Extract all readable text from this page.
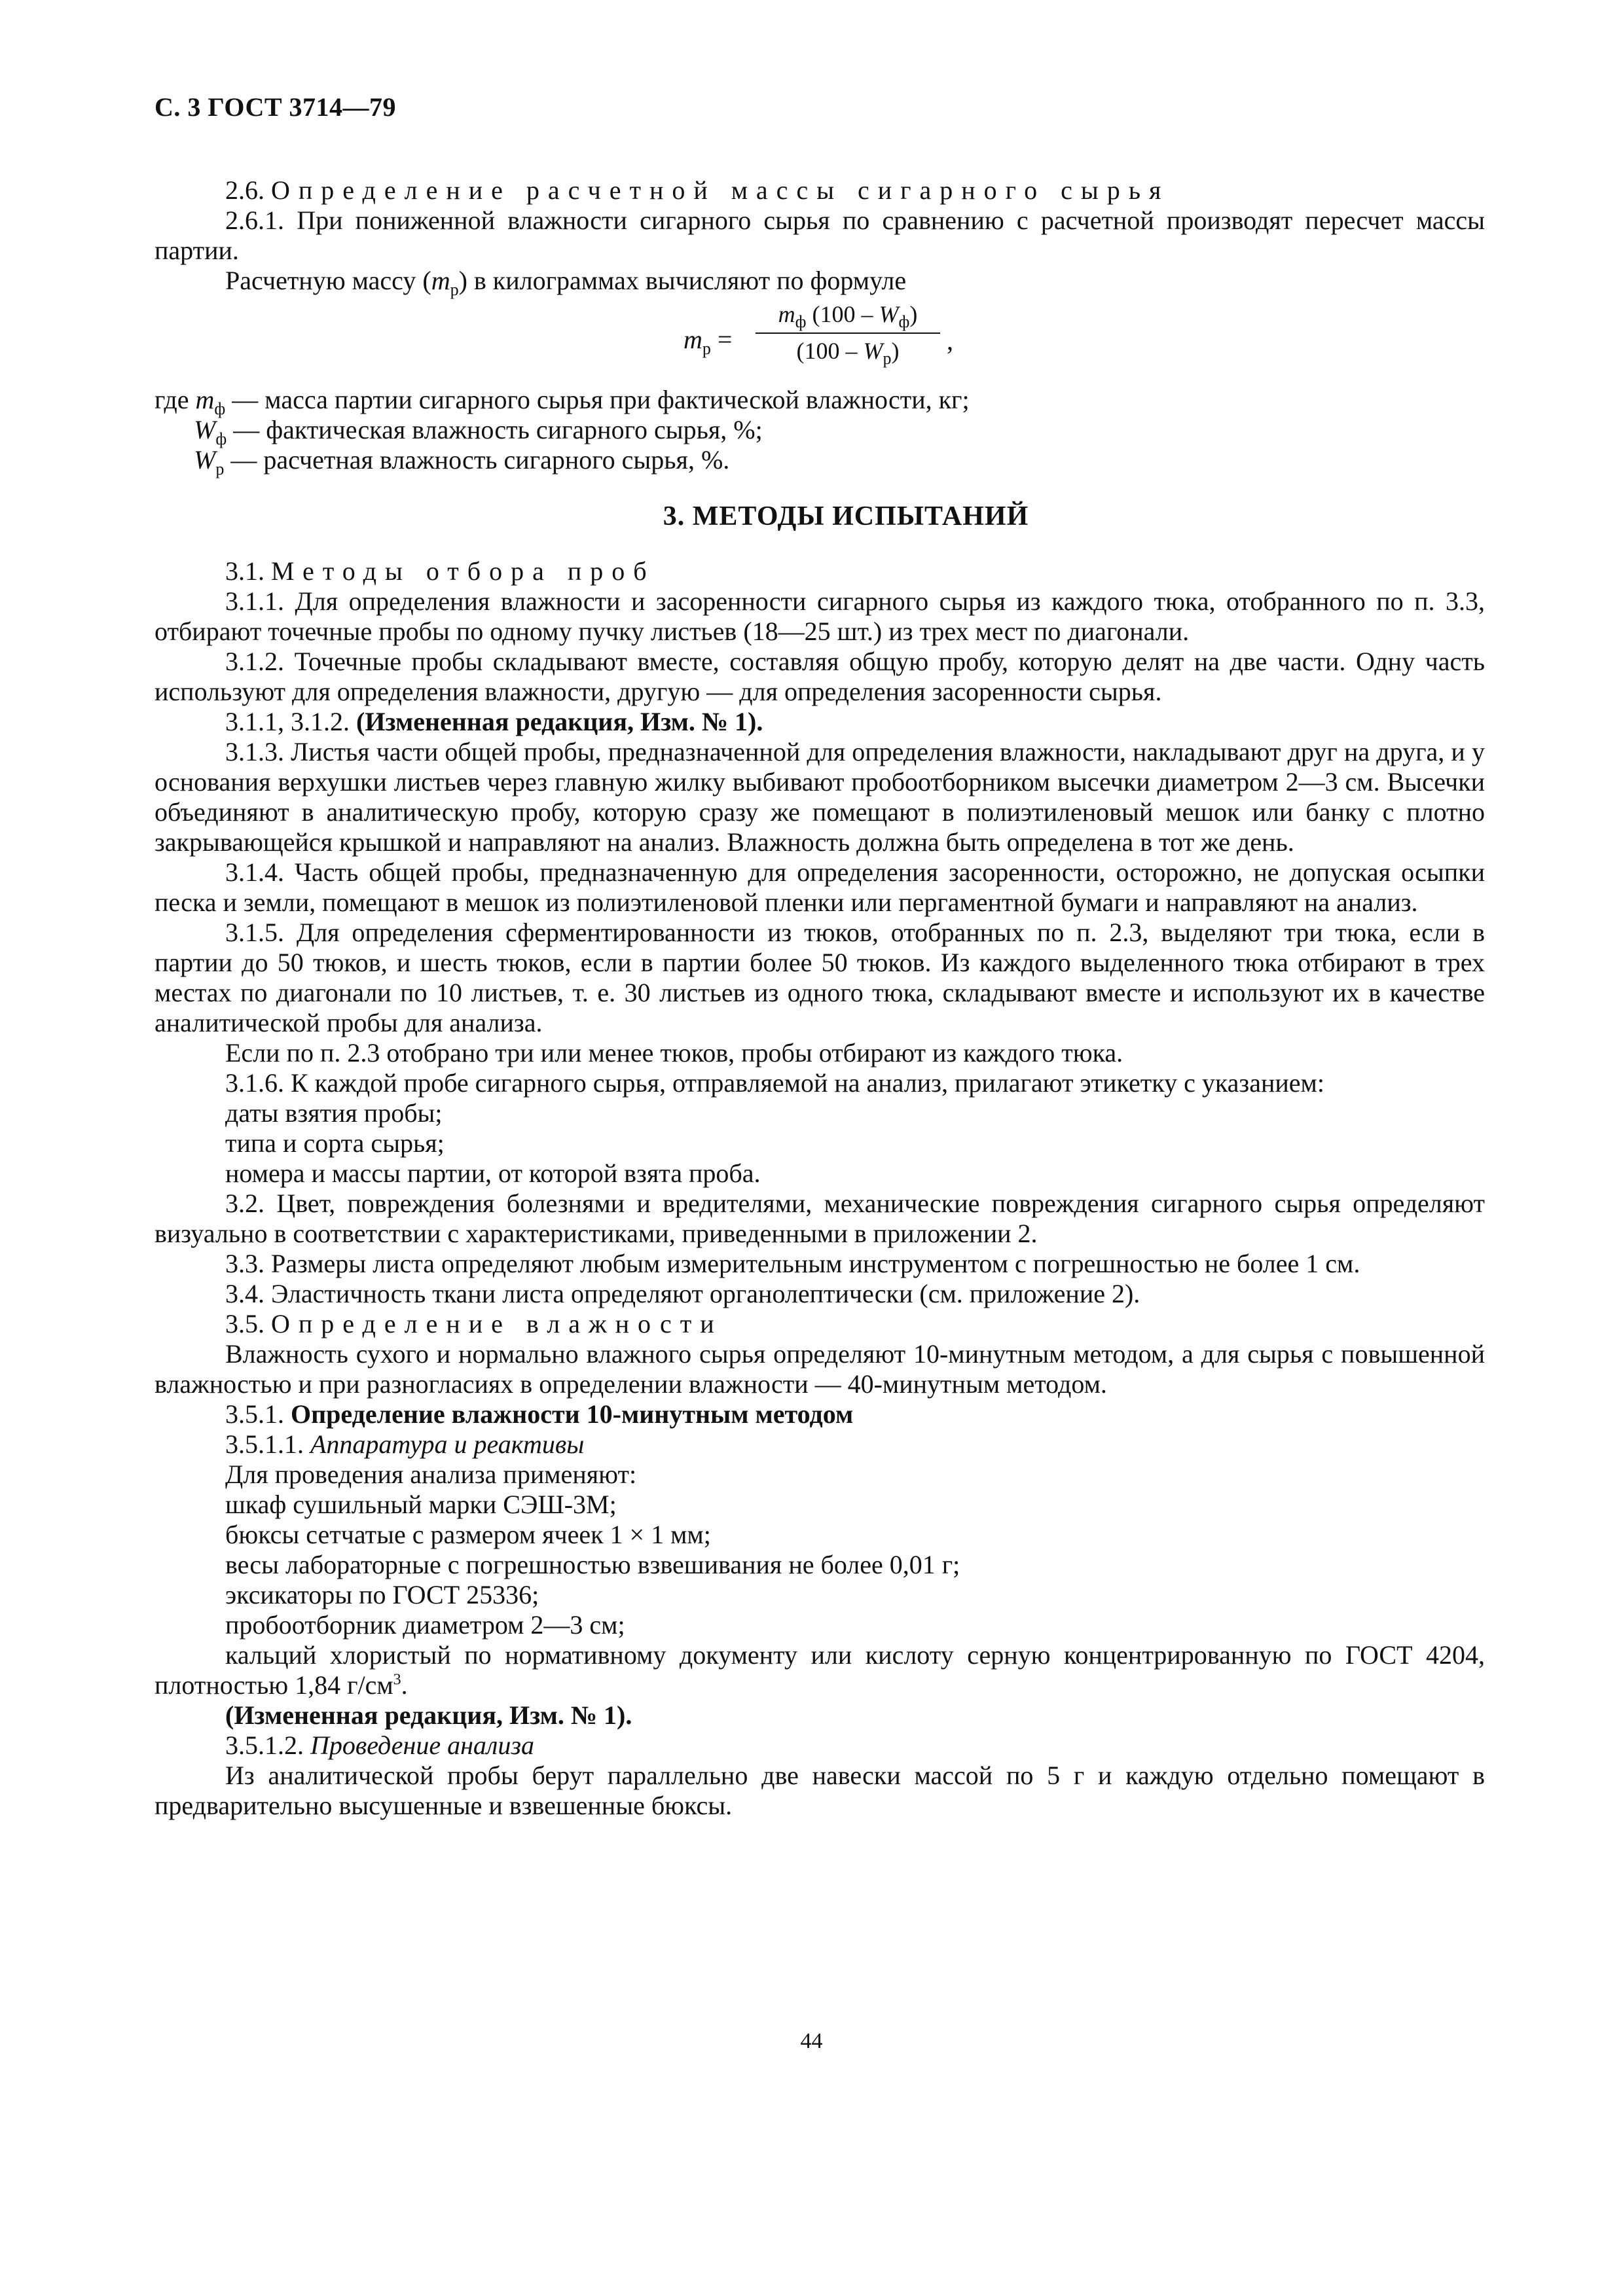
С. 3 ГОСТ 3714—79

2.6. Определение расчетной массы сигарного сырья

2.6.1. При пониженной влажности сигарного сырья по сравнению с расчетной производят пересчет массы партии.

Расчетную массу $(m_р)$ в килограммах вычисляют по формуле

$m_р$ =
$m_ф$ $(100 - W_ф)$
$(100 - W_р)$	,

где $m_ф$ — масса партии сигарного сырья при фактической влажности, кг;

$W_ф$ — фактическая влажность сигарного сырья, %;

$W_р$ — расчетная влажность сигарного сырья, %.

3. МЕТОДЫ ИСПЫТАНИЙ

3.1. Методы отбора проб

3.1.1. Для определения влажности и засоренности сигарного сырья из каждого тюка, отобранного по п. 3.3, отбирают точечные пробы по одному пучку листьев (18—25 шт.) из трех мест по диагонали.

3.1.2. Точечные пробы складывают вместе, составляя общую пробу, которую делят на две части. Одну часть используют для определения влажности, другую — для определения засоренности сырья.

3.1.1, 3.1.2. (Измененная редакция, Изм. № 1).

3.1.3. Листья части общей пробы, предназначенной для определения влажности, накладывают друг на друга, и у основания верхушки листьев через главную жилку выбивают пробоотборником высечки диаметром 2—3 см. Высечки объединяют в аналитическую пробу, которую сразу же помещают в полиэтиленовый мешок или банку с плотно закрывающейся крышкой и направляют на анализ. Влажность должна быть определена в тот же день.

3.1.4. Часть общей пробы, предназначенную для определения засоренности, осторожно, не допуская осыпки песка и земли, помещают в мешок из полиэтиленовой пленки или пергаментной бумаги и направляют на анализ.

3.1.5. Для определения сферментированности из тюков, отобранных по п. 2.3, выделяют три тюка, если в партии до 50 тюков, и шесть тюков, если в партии более 50 тюков. Из каждого выделенного тюка отбирают в трех местах по диагонали по 10 листьев, т. е. 30 листьев из одного тюка, складывают вместе и используют их в качестве аналитической пробы для анализа.

Если по п. 2.3 отобрано три или менее тюков, пробы отбирают из каждого тюка.

3.1.6. К каждой пробе сигарного сырья, отправляемой на анализ, прилагают этикетку с указанием:

даты взятия пробы;

типа и сорта сырья;

номера и массы партии, от которой взята проба.

3.2. Цвет, повреждения болезнями и вредителями, механические повреждения сигарного сырья определяют визуально в соответствии с характеристиками, приведенными в приложении 2.

3.3. Размеры листа определяют любым измерительным инструментом с погрешностью не более 1 см.

3.4. Эластичность ткани листа определяют органолептически (см. приложение 2).

3.5. Определение влажности

Влажность сухого и нормально влажного сырья определяют 10-минутным методом, а для сырья с повышенной влажностью и при разногласиях в определении влажности — 40-минутным методом.

3.5.1. Определение влажности 10-минутным методом

3.5.1.1. Аппаратура и реактивы

Для проведения анализа применяют:

шкаф сушильный марки СЭШ-3М;

бюксы сетчатые с размером ячеек 1 × 1 мм;

весы лабораторные с погрешностью взвешивания не более 0,01 г;

эксикаторы по ГОСТ 25336;

пробоотборник диаметром 2—3 см;

кальций хлористый по нормативному документу или кислоту серную концентрированную по ГОСТ 4204, плотностью 1,84 $г/см^3$.

(Измененная редакция, Изм. № 1).

3.5.1.2. Проведение анализа

Из аналитической пробы берут параллельно две навески массой по 5 г и каждую отдельно помещают в предварительно высушенные и взвешенные бюксы.

44
